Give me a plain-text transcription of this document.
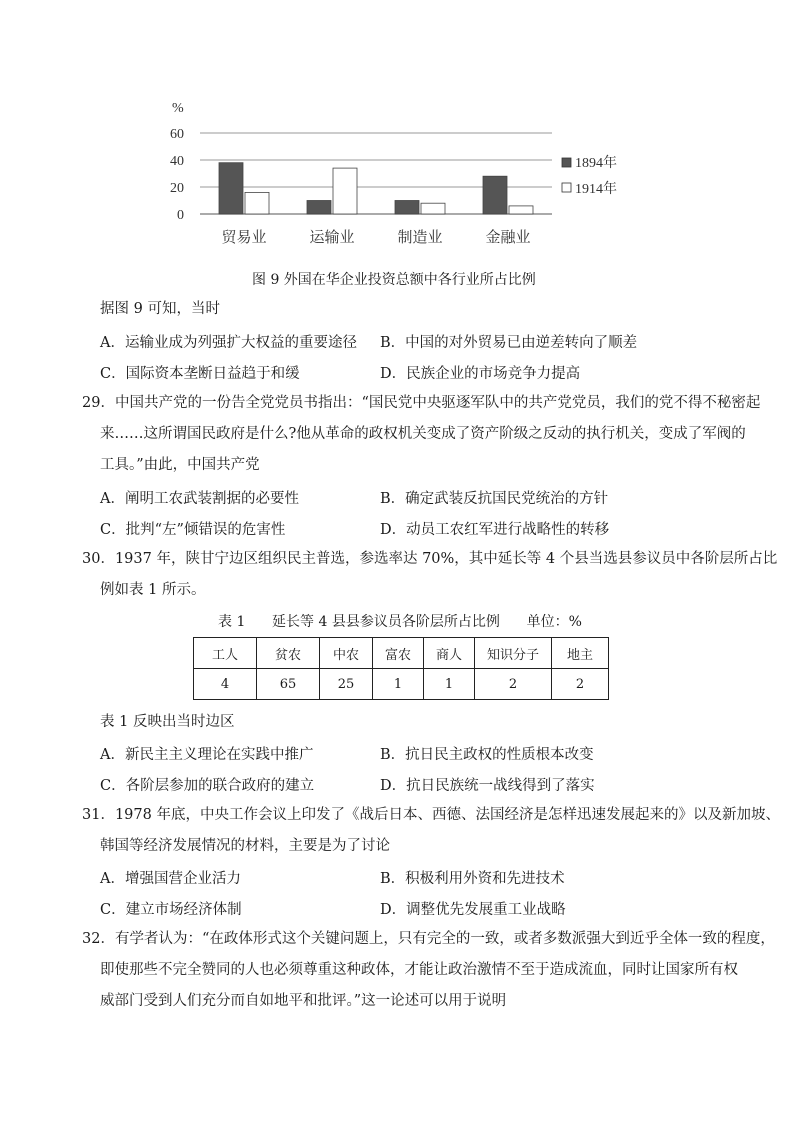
%
60
40
20
0
贸易业	运输业	制造业	金融业
1894年
1914年
图 9 外国在华企业投资总额中各行业所占比例
据图 9 可知，当时
A．运输业成为列强扩大权益的重要途径 B．中国的对外贸易已由逆差转向了顺差
C．国际资本垄断日益趋于和缓	D．民族企业的市场竞争力提高
29．中国共产党的一份告全党党员书指出：“国民党中央驱逐军队中的共产党党员，我们的党不得不秘密起
来……这所谓国民政府是什么?他从革命的政权机关变成了资产阶级之反动的执行机关，变成了军阀的
工具。”由此，中国共产党
A．阐明工农武装割据的必要性	B．确定武装反抗国民党统治的方针
C．批判“左”倾错误的危害性	D．动员工农红军进行战略性的转移
30．1937 年，陕甘宁边区组织民主普选，参选率达 70%，其中延长等 4 个县当选县参议员中各阶层所占比
例如表 1 所示。
表 1      延长等 4 县县参议员各阶层所占比例      单位：%
工人	贫农	中农	富农	商人	知识分子	地主
4	65	25	1	1	2	2
表 1 反映出当时边区
A．新民主主义理论在实践中推广	B．抗日民主政权的性质根本改变
C．各阶层参加的联合政府的建立	D．抗日民族统一战线得到了落实
31．1978 年底，中央工作会议上印发了《战后日本、西德、法国经济是怎样迅速发展起来的》以及新加坡、
韩国等经济发展情况的材料，主要是为了讨论
A．增强国营企业活力	B．积极利用外资和先进技术
C．建立市场经济体制	D．调整优先发展重工业战略
32．有学者认为：“在政体形式这个关键问题上，只有完全的一致，或者多数派强大到近乎全体一致的程度，
即使那些不完全赞同的人也必须尊重这种政体，才能让政治激情不至于造成流血，同时让国家所有权
威部门受到人们充分而自如地平和批评。”这一论述可以用于说明
